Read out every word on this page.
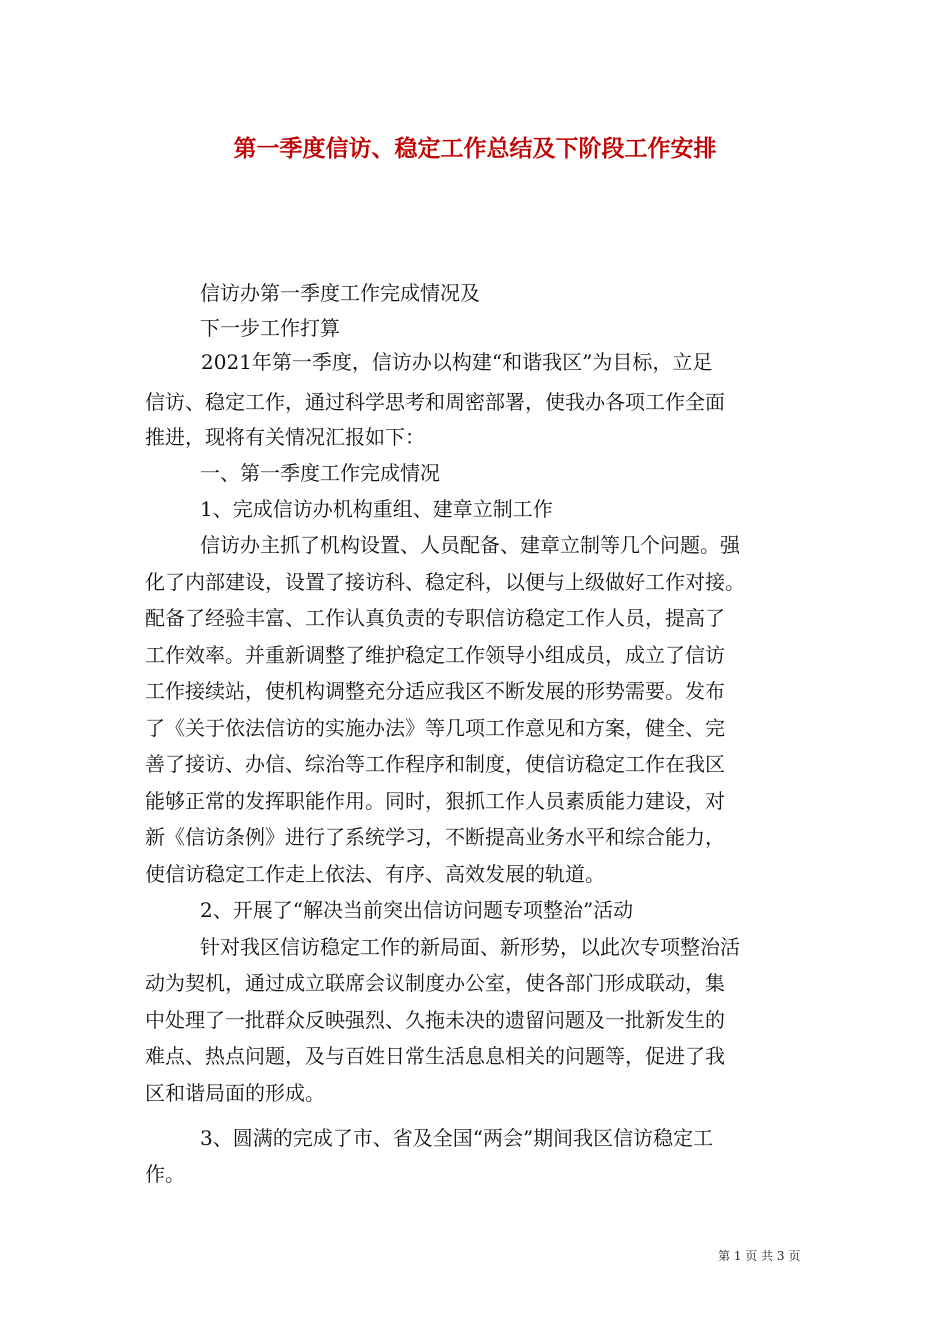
第一季度信访、稳定工作总结及下阶段工作安排
信访办第一季度工作完成情况及
下一步工作打算
2021年第一季度，信访办以构建“和谐我区”为目标，立足
信访、稳定工作，通过科学思考和周密部署，使我办各项工作全面
推进，现将有关情况汇报如下：
一、第一季度工作完成情况
1、完成信访办机构重组、建章立制工作
信访办主抓了机构设置、人员配备、建章立制等几个问题。强
化了内部建设，设置了接访科、稳定科，以便与上级做好工作对接。
配备了经验丰富、工作认真负责的专职信访稳定工作人员，提高了
工作效率。并重新调整了维护稳定工作领导小组成员，成立了信访
工作接续站，使机构调整充分适应我区不断发展的形势需要。发布
了《关于依法信访的实施办法》等几项工作意见和方案，健全、完
善了接访、办信、综治等工作程序和制度，使信访稳定工作在我区
能够正常的发挥职能作用。同时，狠抓工作人员素质能力建设，对
新《信访条例》进行了系统学习，不断提高业务水平和综合能力，
使信访稳定工作走上依法、有序、高效发展的轨道。
2、开展了“解决当前突出信访问题专项整治”活动
针对我区信访稳定工作的新局面、新形势，以此次专项整治活
动为契机，通过成立联席会议制度办公室，使各部门形成联动，集
中处理了一批群众反映强烈、久拖未决的遗留问题及一批新发生的
难点、热点问题，及与百姓日常生活息息相关的问题等，促进了我
区和谐局面的形成。
3、圆满的完成了市、省及全国“两会”期间我区信访稳定工
作。
第 1 页 共 3 页
